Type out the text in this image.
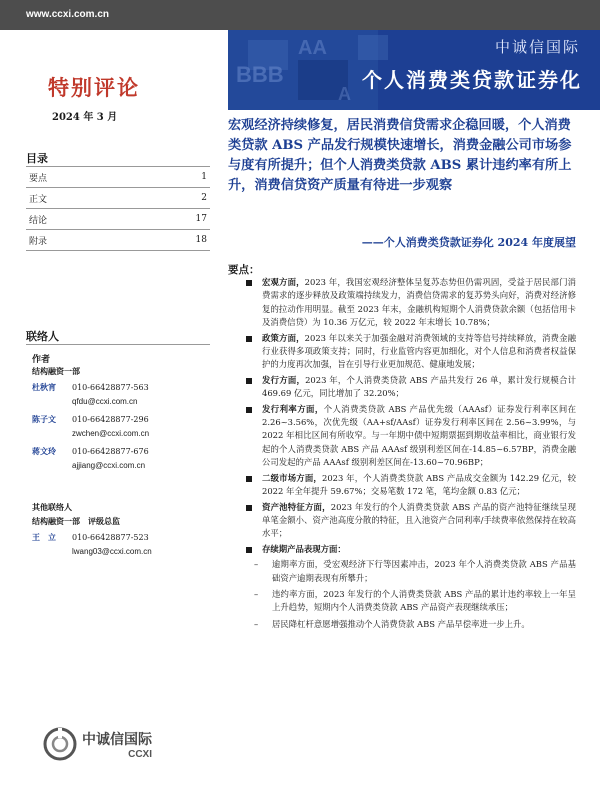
www.ccxi.com.cn
BBB
AA
A
中诚信国际
个人消费类贷款证券化
特别评论
2024 年 3 月
目录
要点	1
正文	2
结论	17
附录	18
联络人
作者
结构融资一部
杜秋宵 010-66428877-563
qfdu@ccxi.com.cn
陈子文 010-66428877-296
zwchen@ccxi.com.cn
蒋文玲 010-66428877-676
ajjiang@ccxi.com.cn
其他联络人
结构融资一部　评级总监
王　立 010-66428877-523
lwang03@ccxi.com.cn
中诚信国际
CCXI
宏观经济持续修复，居民消费信贷需求企稳回暖，个人消费类贷款 ABS 产品发行规模快速增长，消费金融公司市场参与度有所提升；但个人消费类贷款 ABS 累计违约率有所上升，消费信贷资产质量有待进一步观察
——个人消费类贷款证券化 2024 年度展望
要点：
宏观方面，2023 年，我国宏观经济整体呈复苏态势但仍需巩固，受益于居民部门消费需求的逐步释放及政策端持续发力，消费信贷需求的复苏势头向好，消费对经济修复的拉动作用明显。截至 2023 年末，金融机构短期个人消费贷款余额（包括信用卡及消费信贷）为 10.36 万亿元，较 2022 年末增长 10.78%；
政策方面，2023 年以来关于加强金融对消费领域的支持等信号持续释放，消费金融行业获得多项政策支持；同时，行业监管内容更加细化，对个人信息和消费者权益保护的力度再次加强，旨在引导行业更加规范、健康地发展；
发行方面，2023 年，个人消费类贷款 ABS 产品共发行 26 单，累计发行规模合计 469.69 亿元，同比增加了 32.20%；
发行利率方面，个人消费类贷款 ABS 产品优先级（AAAsf）证券发行利率区间在 2.26~3.56%，次优先级（AA+sf/AAsf）证券发行利率区间在 2.56~3.99%，与 2022 年相比区间有所收窄。与一年期中债中短期票据到期收益率相比，商业银行发起的个人消费类贷款 ABS 产品 AAAsf 级别利差区间在-14.85~6.57BP，消费金融公司发起的产品 AAAsf 级别利差区间在-13.60~70.96BP；
二级市场方面，2023 年，个人消费类贷款 ABS 产品成交金额为 142.29 亿元，较 2022 年全年提升 59.67%；交易笔数 172 笔，笔均金额 0.83 亿元；
资产池特征方面，2023 年发行的个人消费类贷款 ABS 产品的资产池特征继续呈现单笔金额小、资产池高度分散的特征，且入池资产合同利率/手续费率依然保持在较高水平；
存续期产品表现方面：
– 逾期率方面，受宏观经济下行等因素冲击，2023 年个人消费类贷款 ABS 产品基础资产逾期表现有所攀升；
– 违约率方面，2023 年发行的个人消费类贷款 ABS 产品的累计违约率较上一年呈上升趋势，短期内个人消费类贷款 ABS 产品资产表现继续承压；
– 居民降杠杆意愿增强推动个人消费贷款 ABS 产品早偿率进一步上升。
